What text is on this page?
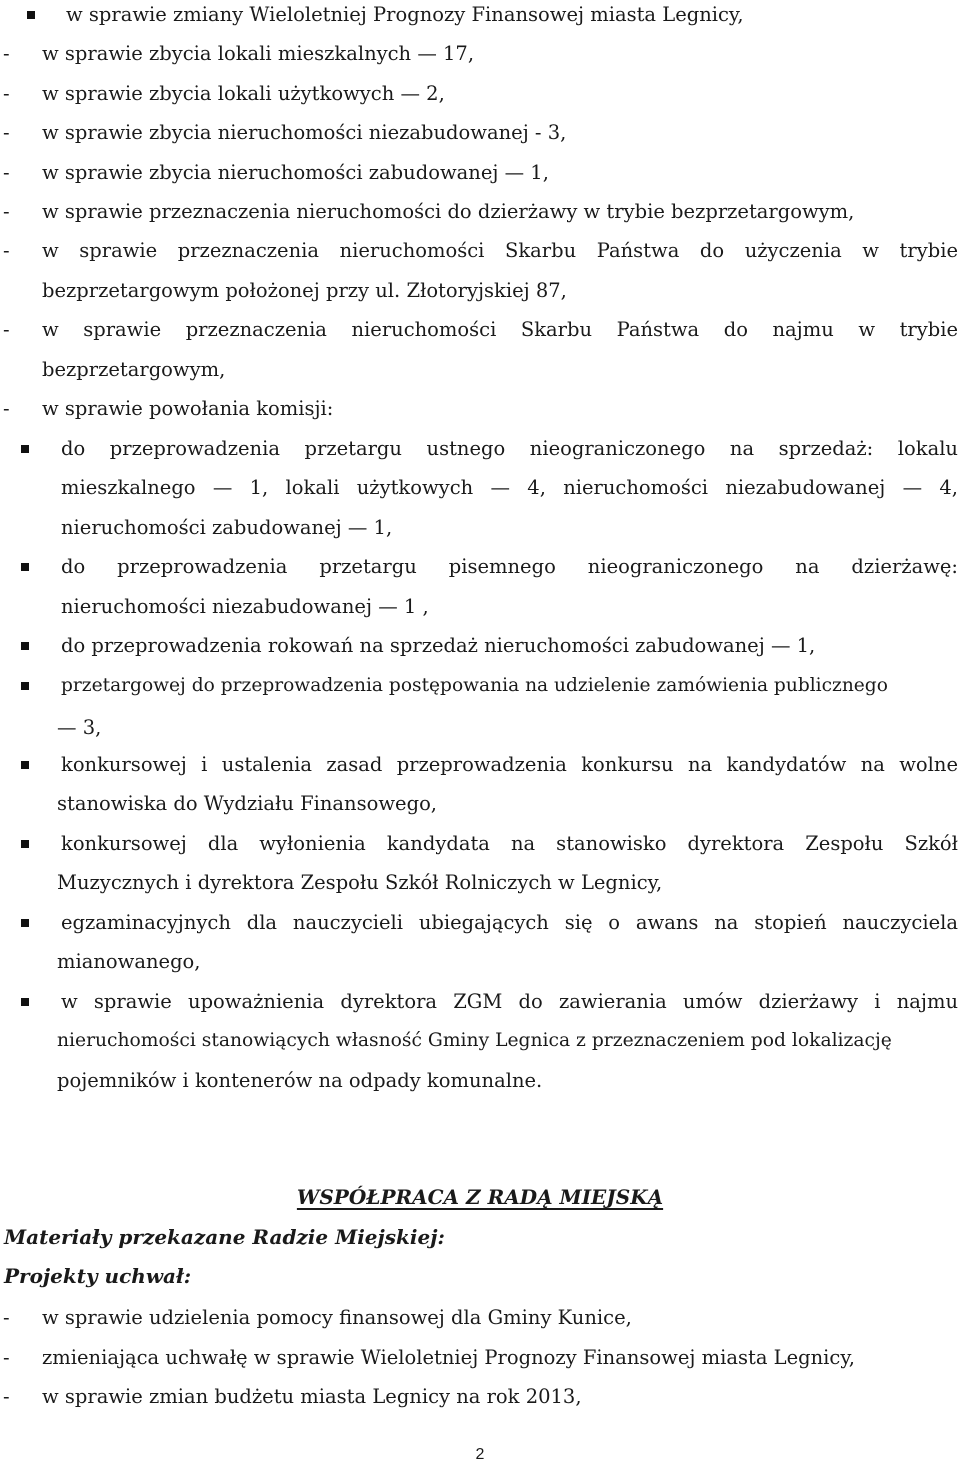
w sprawie zmiany Wieloletniej Prognozy Finansowej miasta Legnicy,
-	w sprawie zbycia lokali mieszkalnych — 17,
-	w sprawie zbycia lokali użytkowych — 2,
-	w sprawie zbycia nieruchomości niezabudowanej - 3,
-	w sprawie zbycia nieruchomości zabudowanej — 1,
-	w sprawie przeznaczenia nieruchomości do dzierżawy w trybie bezprzetargowym,
-	w sprawie przeznaczenia nieruchomości Skarbu Państwa do użyczenia w trybie
bezprzetargowym położonej przy ul. Złotoryjskiej 87,
-	w sprawie przeznaczenia nieruchomości Skarbu Państwa do najmu w trybie
bezprzetargowym,
-	w sprawie powołania komisji:
do przeprowadzenia przetargu ustnego nieograniczonego na sprzedaż: lokalu
mieszkalnego — 1, lokali użytkowych — 4, nieruchomości niezabudowanej — 4,
nieruchomości zabudowanej — 1,
do przeprowadzenia przetargu pisemnego nieograniczonego na dzierżawę:
nieruchomości niezabudowanej — 1 ,
do przeprowadzenia rokowań na sprzedaż nieruchomości zabudowanej — 1,
przetargowej do przeprowadzenia postępowania na udzielenie zamówienia publicznego
— 3,
konkursowej i ustalenia zasad przeprowadzenia konkursu na kandydatów na wolne
stanowiska do Wydziału Finansowego,
konkursowej dla wyłonienia kandydata na stanowisko dyrektora Zespołu Szkół
Muzycznych i dyrektora Zespołu Szkół Rolniczych w Legnicy,
egzaminacyjnych dla nauczycieli ubiegających się o awans na stopień nauczyciela
mianowanego,
w sprawie upoważnienia dyrektora ZGM do zawierania umów dzierżawy i najmu
nieruchomości stanowiących własność Gminy Legnica z przeznaczeniem pod lokalizację
pojemników i kontenerów na odpady komunalne.
WSPÓŁPRACA Z RADĄ MIEJSKĄ
Materiały przekazane Radzie Miejskiej:
Projekty uchwał:
-	w sprawie udzielenia pomocy finansowej dla Gminy Kunice,
-	zmieniająca uchwałę w sprawie Wieloletniej Prognozy Finansowej miasta Legnicy,
-	w sprawie zmian budżetu miasta Legnicy na rok 2013,
2
